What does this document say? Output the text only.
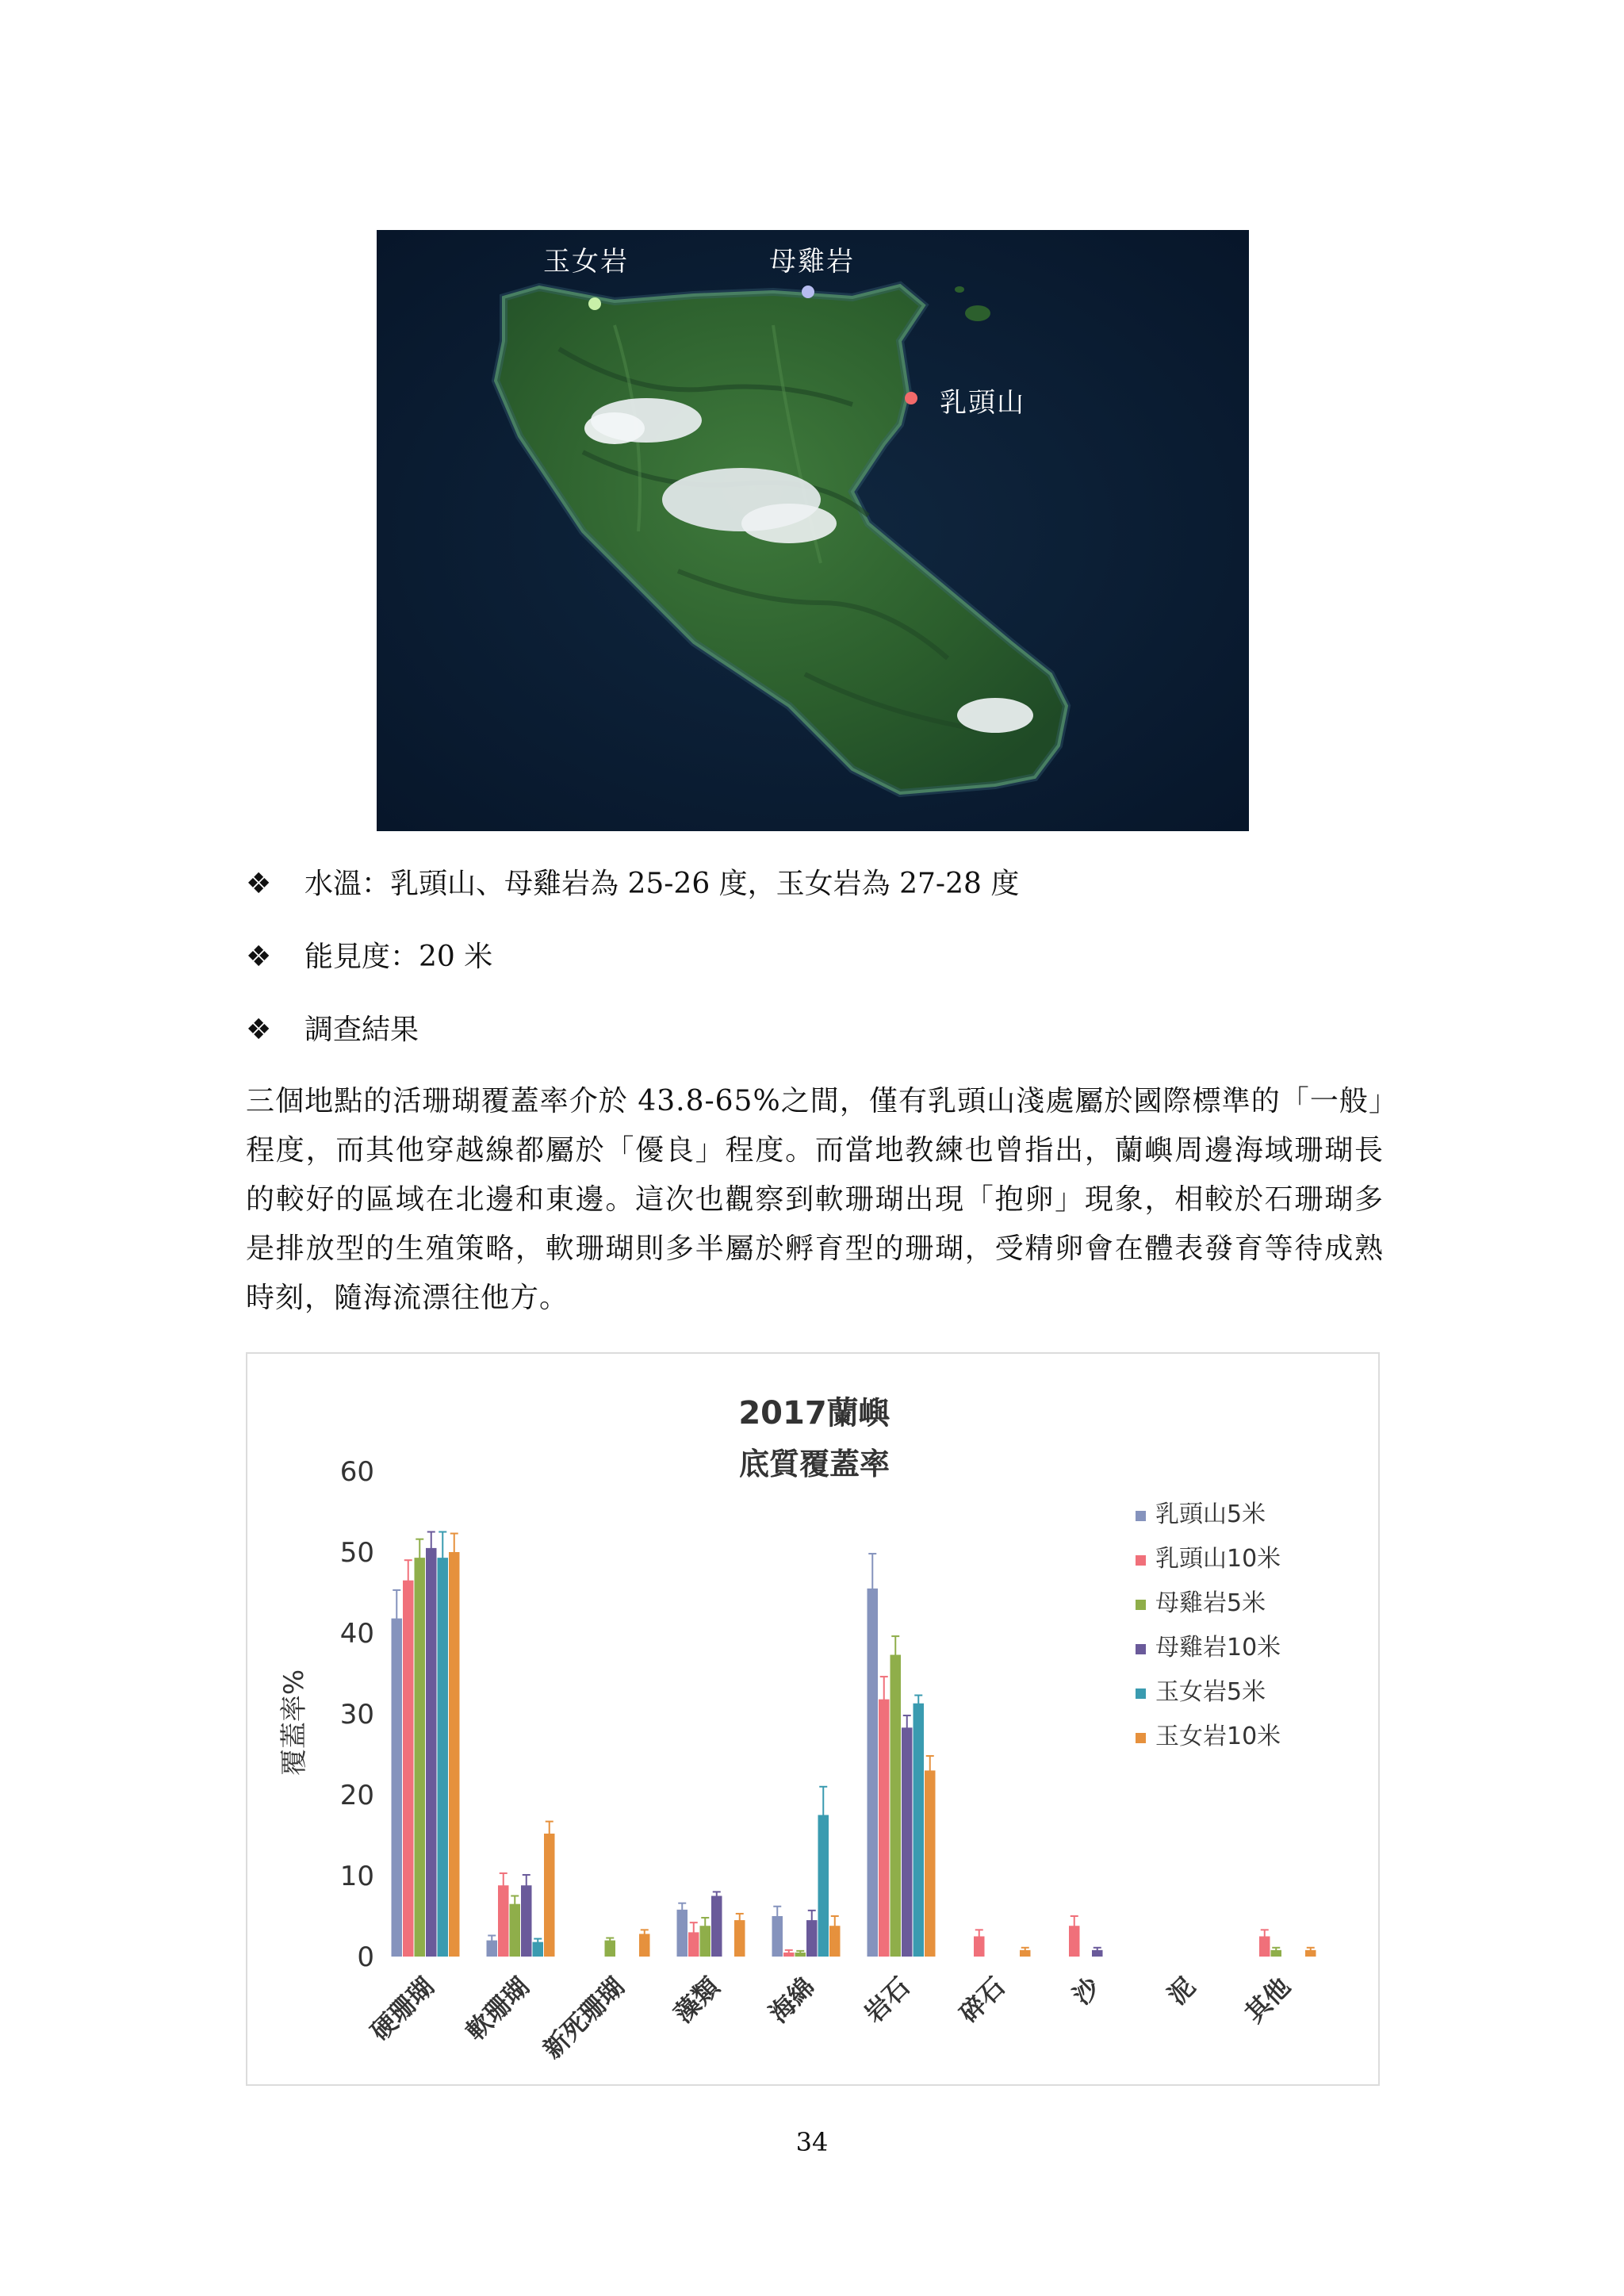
玉女岩	母雞岩
乳頭山
❖ 水溫：乳頭山、母雞岩為 25-26 度，玉女岩為 27-28 度
❖ 能見度：20 米
❖ 調查結果

三個地點的活珊瑚覆蓋率介於 43.8-65%之間，僅有乳頭山淺處屬於國際標準的「一般」程度，而其他穿越線都屬於「優良」程度。而當地教練也曾指出，蘭嶼周邊海域珊瑚長的較好的區域在北邊和東邊。這次也觀察到軟珊瑚出現「抱卵」現象，相較於石珊瑚多是排放型的生殖策略，軟珊瑚則多半屬於孵育型的珊瑚，受精卵會在體表發育等待成熟時刻，隨海流漂往他方。

2017蘭嶼
底質覆蓋率
覆蓋率%
0
10
20
30
40
50
60
硬珊瑚 軟珊瑚 新死珊瑚 藻類 海綿 岩石 碎石 沙 泥 其他
乳頭山5米
乳頭山10米
母雞岩5米
母雞岩10米
玉女岩5米
玉女岩10米
34
